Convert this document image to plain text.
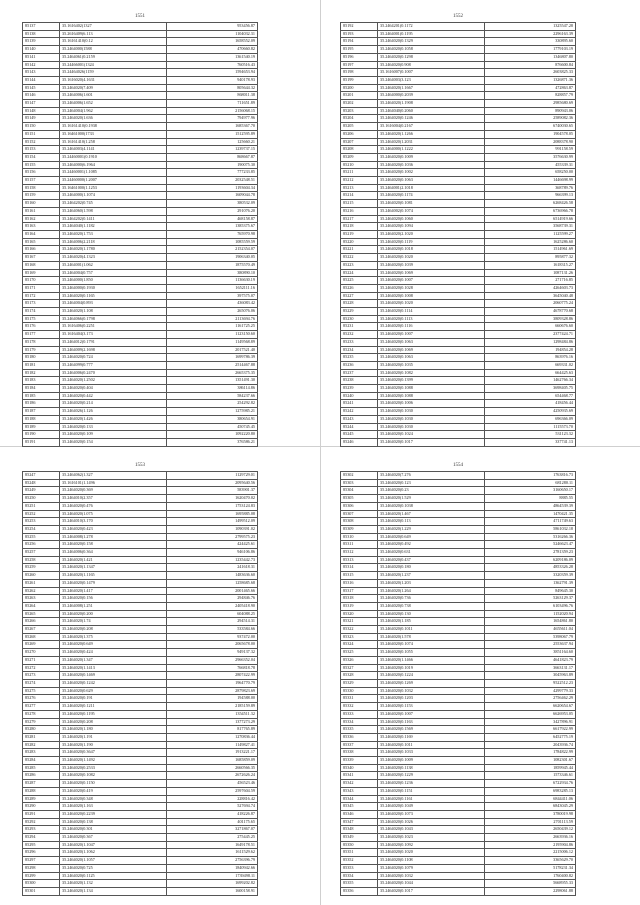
1551
85137	35.1616402(1327	953456.87
85138	35.2616409(6.113	1104032.31
85139	35.16161410(0.12	1658552.09
85140	35.2464000(1588	470660.82
85141	35.2464061(0.2159	1361540.19
85142	35.24466001(1324	760516.43
85143	35.24464026(1159	1594653.94
85144	35.1616020(4.1631	940178.93
85145	35.2464020(7.409	805644.32
85146	35.2464006(1.601	868011.38
85147	35.2464006(1.652	711651.89
85148	35.2464004(1.962	2156068.15
85149	35.2464020(1.636	794977.96
85150	35.16161410(0.1938	1685367.70
85151	35.16461000(1733	1512595.89
85152	35.16161410(1.258	125660.21
85153	35.2464003(4.1141	1239737.15
85154	35.24460001(0.1910	868667.87
85155	35.2464000(6.1964	190075.30
85156	35.24460001(1.1085	777233.85
85157	35.24460000(1.2007	2032548.51
85158	35.16461000(1.1253	1193604.34
85159	35.2464000(1.1074	1609044.78
85160	35.2464202(0.745	380532.09
85161	35.2464060(1.598	291076.20
85162	35.2464202(0.1411	468158.87
85163	35.2464040(1.1182	1385375.67
85164	35.2464020(1.753	765970.98
85165	35.2464006(2.2118	1085559.59
85166	35.2464020(1.1780	2152354.07
85167	35.2464020(4.1323	1906340.05
85168	35.2464001(1.062	1875570.49
85169	35.2464004(0.757	380890.10
85170	35.2464000(1.850	1136630.19
85171	35.2464000(0.1930	1652111.16
85172	35.2464020(0.1165	397575.07
85173	35.2464004(0.893	436083.42
85174	35.2464020(1.108	265076.06
85175	35.2464066(0.1798	2113694.76
85176	35.1616406(0.2251	1161725.25
85177	35.1616404(3.173	1123150.60
85178	35.2464012(0.1791	1149568.89
85179	35.2464009(2.1698	2017521.40
85180	35.2464020(0.724	1699786.39
85181	35.2464099(0.777	2514467.88
85182	35.2464006(0.2470	2665375.35
85183	35.2464020(1.2502	1351491.30
85184	35.2464020(0.404	386114.86
85185	35.2464020(0.442	584237.66
85186	35.2464020(0.214	254292.82
85187	35.2464026(1.126	1275985.21
85188	35.2464020(1.426	380654.91
85189	35.2464020(0.133	450745.45
85190	35.2464020(0.109	1092220.80
85191	35.2464020(0.154	376586.21
1552
85192	35.2464201(0.1172	1325547.28
85193	35.2464001(0.1195	2296163.39
85194	35.2464020(0.1329	330895.60
85195	35.2464020(0.1058	1779103.19
85196	35.2464020(0.1298	1346807.80
85197	35.2464020(0.908	876600.84
85198	35.1616007(0.1007	2603825.33
85199	35.2464003(3.123	1326871.36
85200	35.2464020(1.1667	472863.87
85201	35.2464000(0.2039	828857.79
85202	35.2464020(1.1908	2985680.69
85203	35.2464040(0.2060	890943.06
85204	35.2464020(0.1246	2589082.36
85205	35.1616004(0.2167	6740030.65
85206	35.2464020(1.1266	1904578.05
85207	35.2464020(1.2031	2088378.90
85208	35.2464000(1.1222	991158.59
85209	35.2464020(0.1009	3576630.99
85210	35.2464020(0.1036	455339.31
85211	35.2464020(0.1002	658250.00
85212	35.2464020(0.1063	1446698.99
85213	35.2464001(2.1018	368789.76
85214	35.2464020(0.1174	966399.13
85215	35.2464020(0.1081	6268426.58
85216	35.2464002(0.1074	6736966.78
85217	35.2464020(0.1060	6514919.66
85218	35.2464020(0.1094	3568739.31
85219	35.2464020(2.1020	1125599.27
85220	35.2464020(0.1119	1625286.60
85221	35.2464020(0.1018	1514961.69
85222	35.2464020(0.1020	895877.32
85223	35.2464020(0.1039	1618315.27
85224	35.2464020(0.1069	1087131.26
85225	35.2464020(0.1007	271716.85
85226	35.2464020(0.1028	4264603.73
85227	35.2464020(0.1008	3645040.48
85228	35.2464020(0.1020	2060775.24
85229	35.2464020(0.1114	4678770.68
85230	35.2464020(0.1113	3809328.86
85231	35.2464020(0.1116	660676.60
85232	35.2464020(0.1007	2377424.71
85233	35.2464020(0.1063	1298484.86
85234	35.2464020(0.1069	194854.28
85235	35.2464020(0.1063	863976.16
85236	35.2464020(0.1035	669331.02
85237	35.2464020(0.1082	664425.63
85238	35.2464020(0.1399	1462766.34
85239	35.2464020(0.1088	3698405.75
85240	35.2464020(0.1088	654468.77
85241	35.2464020(0.1006	418456.44
85242	35.2464020(0.1030	4250935.69
85243	35.2464020(0.1030	696366.09
85244	35.2464020(0.1030	1115573.70
85245	35.2464020(0.1024	531123.32
85246	35.2464020(0.1017	337741.13
1553
85247	35.2464062(1.327	1129729.01
85248	35.1616101(1.1496	2095640.56
85249	35.2464020(0.369	583901.37
85250	35.2464010(2.357	1620470.02
85251	35.2464020(0.476	1753124.83
85252	35.2464020(1.075	1695885.08
85253	35.2464010(3.170	1499512.09
85254	35.2464020(0.423	1090391.02
85255	35.2464008(1.278	2799575.23
85256	35.2464020(0.158	424425.61
85257	35.2464006(0.364	946106.86
85258	35.2464020(1.421	1235442.73
85259	35.2464020(1.1347	241618.31
85260	35.2464020(1.1165	1483636.60
85261	35.2464020(0.1479	1258685.68
85262	35.2464020(1.417	2001465.66
85263	35.2464020(0.156	294846.76
85264	35.2464008(1.251	2405418.90
85265	35.2464020(0.200	604088.25
85266	35.2464020(1.74	294514.31
85267	35.2464020(0.208	533584.66
85268	35.2464020(1.375	937472.00
85269	35.2464020(0.649	2065678.00
85270	35.2464020(0.424	949137.32
85271	35.2464020(1.347	2966352.04
85272	35.2464020(1.1413	766818.78
85273	35.2464020(0.1469	2807422.99
85274	35.2464020(0.1242	1964770.79
85275	35.2464020(0.629	2879823.69
85276	35.2464020(0.191	194588.00
85277	35.2464020(0.1211	2185159.89
85278	35.2464020(0.1195	1354511.32
85279	35.2464020(0.208	1377273.29
85280	35.2464020(1.180	817765.89
85281	35.2464020(1.191	1270836.44
85282	35.2464020(1.190	1149827.41
85283	35.2464020(0.3647	1913221.17
85284	35.2464020(1.1492	1685859.09
85285	35.2464020(0.2533	2660566.35
85286	35.2464020(0.1082	2672626.24
85287	35.2464020(0.1150	456523.46
85288	35.2464020(0.419	2597604.59
85289	35.2464020(0.348	228816.42
85290	35.2464020(1.163	527694.74
85291	35.2464020(0.2239	418226.87
85292	35.2464020(0.138	401175.65
85293	35.2464020(0.301	3271867.07
85294	35.2464020(0.367	275445.25
85295	35.2464020(1.1047	1649178.51
85296	35.2464020(1.1062	1611529.62
85297	35.2464020(1.1057	2756396.79
85298	35.2464020(0.725	1840942.66
85299	35.2464020(0.1125	1739498.11
85300	35.2464020(1.132	1699202.82
85301	35.2464020(1.134	1600158.91
1554
85302	35.2464020(7.276	1763816.73
85303	35.2464020(0.123	681280.11
85304	35.2464020(0.23	3160650.17
85305	35.2464020(1.529	8885.55
85306	35.2464020(0.1038	4864539.39
85307	35.2464020(1.467	1470421.35
85308	35.2464020(0.113	4711749.63
85309	35.2464020(1.229	5861032.18
85310	35.2464020(0.649	5316266.36
85311	35.2464020(0.492	5246623.47
85312	35.2464020(0.631	2781359.23
85313	35.2464020(0.437	6209186.09
85314	35.2464020(0.180	4853326.28
85315	35.2464020(1.237	3320359.39
85316	35.2464020(1.203	1362791.39
85317	35.2464020(1.264	849645.30
85318	35.2464020(0.736	5263129.37
85319	35.2464020(0.738	6103496.76
85320	35.2464020(0.130	1152020.94
85321	35.2464020(1.185	1654861.80
85322	35.2464020(0.1011	4655611.04
85323	35.2464020(1.578	5398067.79
85324	35.2464020(0.1074	2553637.94
85325	35.2464020(0.1055	3851164.60
85326	35.2464020(1.1466	4641823.79
85327	35.2464020(0.1019	3663131.17
85328	35.2464020(0.1224	3045963.89
85329	35.2464020(0.1269	9522512.23
85330	35.2464020(0.1032	4299779.33
85331	35.2464020(0.1203	2756462.29
85332	35.2464020(0.1153	6620654.67
85333	35.2464020(0.1007	6626953.05
85334	35.2464020(0.1163	3427896.91
85335	35.2464020(0.1569	6617922.99
85336	35.2464020(0.1169	6452775.19
85337	35.2464020(0.1011	2043936.74
85338	35.2464020(0.1033	1784822.99
85339	35.2464020(0.1009	1082301.67
85340	35.2464020(0.1138	1859945.44
85341	35.2464020(0.1229	1573346.61
85342	35.2464020(0.1236	6722934.76
85343	35.2464020(0.1151	6983285.13
85344	35.2464020(0.1161	6844411.06
85345	35.2464020(0.1049	6843045.29
85346	35.2464020(0.1073	3780019.98
85347	35.2464020(0.1026	2701113.59
85348	35.2464020(0.1043	2650439.12
85349	35.2464020(0.1023	2663936.16
85350	35.2464020(0.1092	2195904.86
85351	35.2464020(0.1020	2215006.12
85352	35.2464020(0.1108	3365629.70
85353	35.2464020(0.1079	5178231.34
85354	35.2464020(0.1032	1760400.82
85355	35.2464020(0.1044	5668955.33
85356	35.2464020(0.1017	2298061.88
